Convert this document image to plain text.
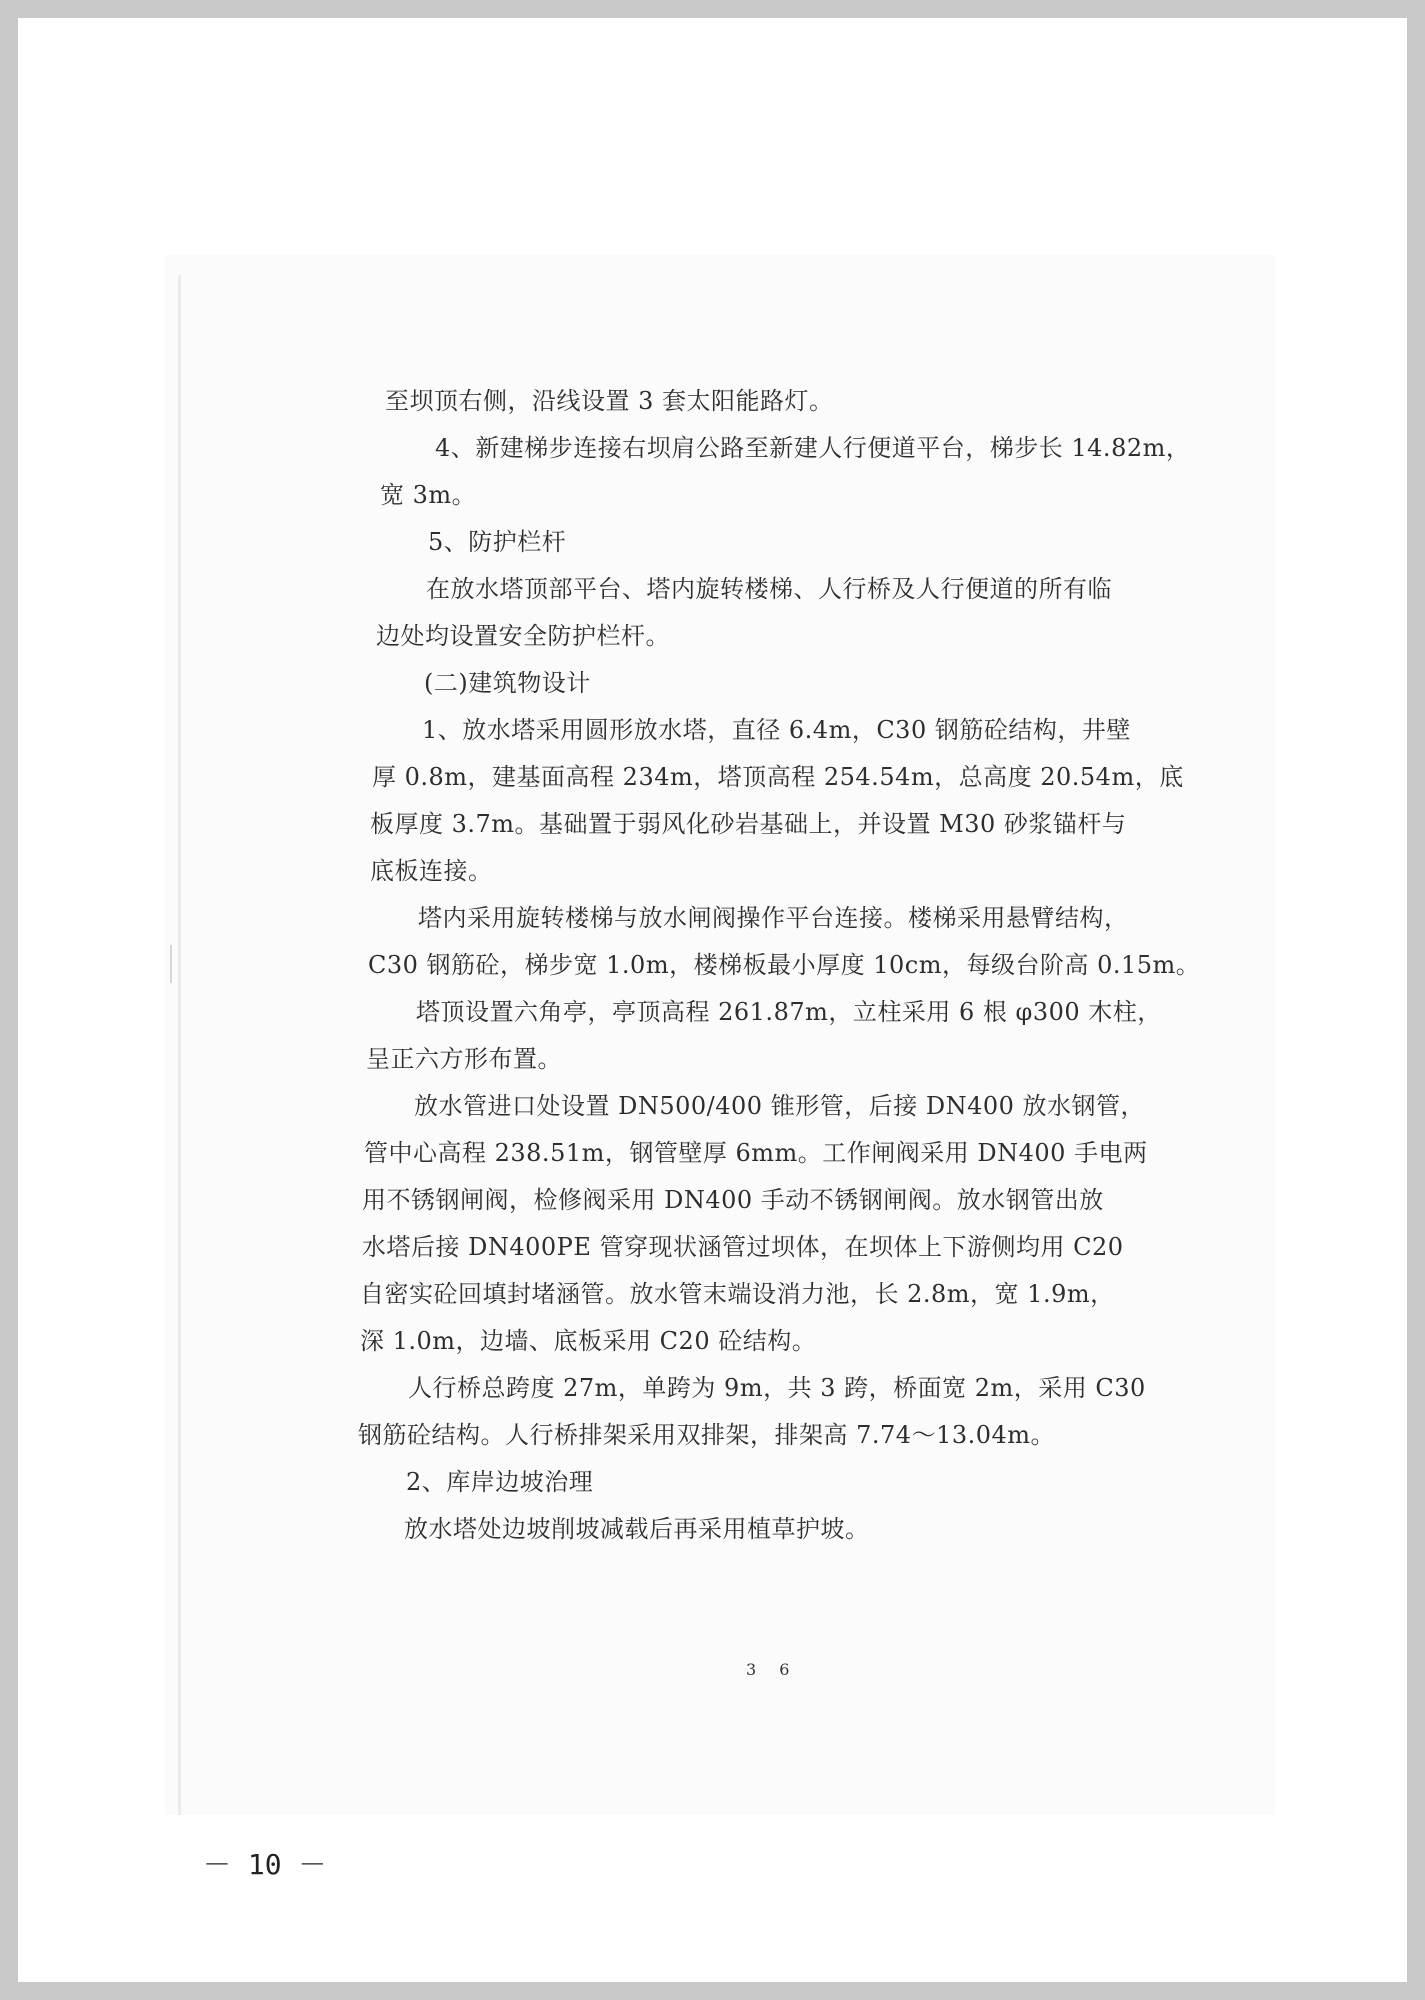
至坝顶右侧，沿线设置 3 套太阳能路灯。

4、新建梯步连接右坝肩公路至新建人行便道平台，梯步长 14.82m，

宽 3m。

5、防护栏杆

在放水塔顶部平台、塔内旋转楼梯、人行桥及人行便道的所有临

边处均设置安全防护栏杆。

(二)建筑物设计

1、放水塔采用圆形放水塔，直径 6.4m，C30 钢筋砼结构，井壁

厚 0.8m，建基面高程 234m，塔顶高程 254.54m，总高度 20.54m，底

板厚度 3.7m。基础置于弱风化砂岩基础上，并设置 M30 砂浆锚杆与

底板连接。

塔内采用旋转楼梯与放水闸阀操作平台连接。楼梯采用悬臂结构，

C30 钢筋砼，梯步宽 1.0m，楼梯板最小厚度 10cm，每级台阶高 0.15m。

塔顶设置六角亭，亭顶高程 261.87m，立柱采用 6 根 φ300 木柱，

呈正六方形布置。

放水管进口处设置 DN500/400 锥形管，后接 DN400 放水钢管，

管中心高程 238.51m，钢管壁厚 6mm。工作闸阀采用 DN400 手电两

用不锈钢闸阀，检修阀采用 DN400 手动不锈钢闸阀。放水钢管出放

水塔后接 DN400PE 管穿现状涵管过坝体，在坝体上下游侧均用 C20

自密实砼回填封堵涵管。放水管末端设消力池，长 2.8m，宽 1.9m，

深 1.0m，边墙、底板采用 C20 砼结构。

人行桥总跨度 27m，单跨为 9m，共 3 跨，桥面宽 2m，采用 C30

钢筋砼结构。人行桥排架采用双排架，排架高 7.74～13.04m。

2、库岸边坡治理

放水塔处边坡削坡减载后再采用植草护坡。

3 6
－ 10 －
